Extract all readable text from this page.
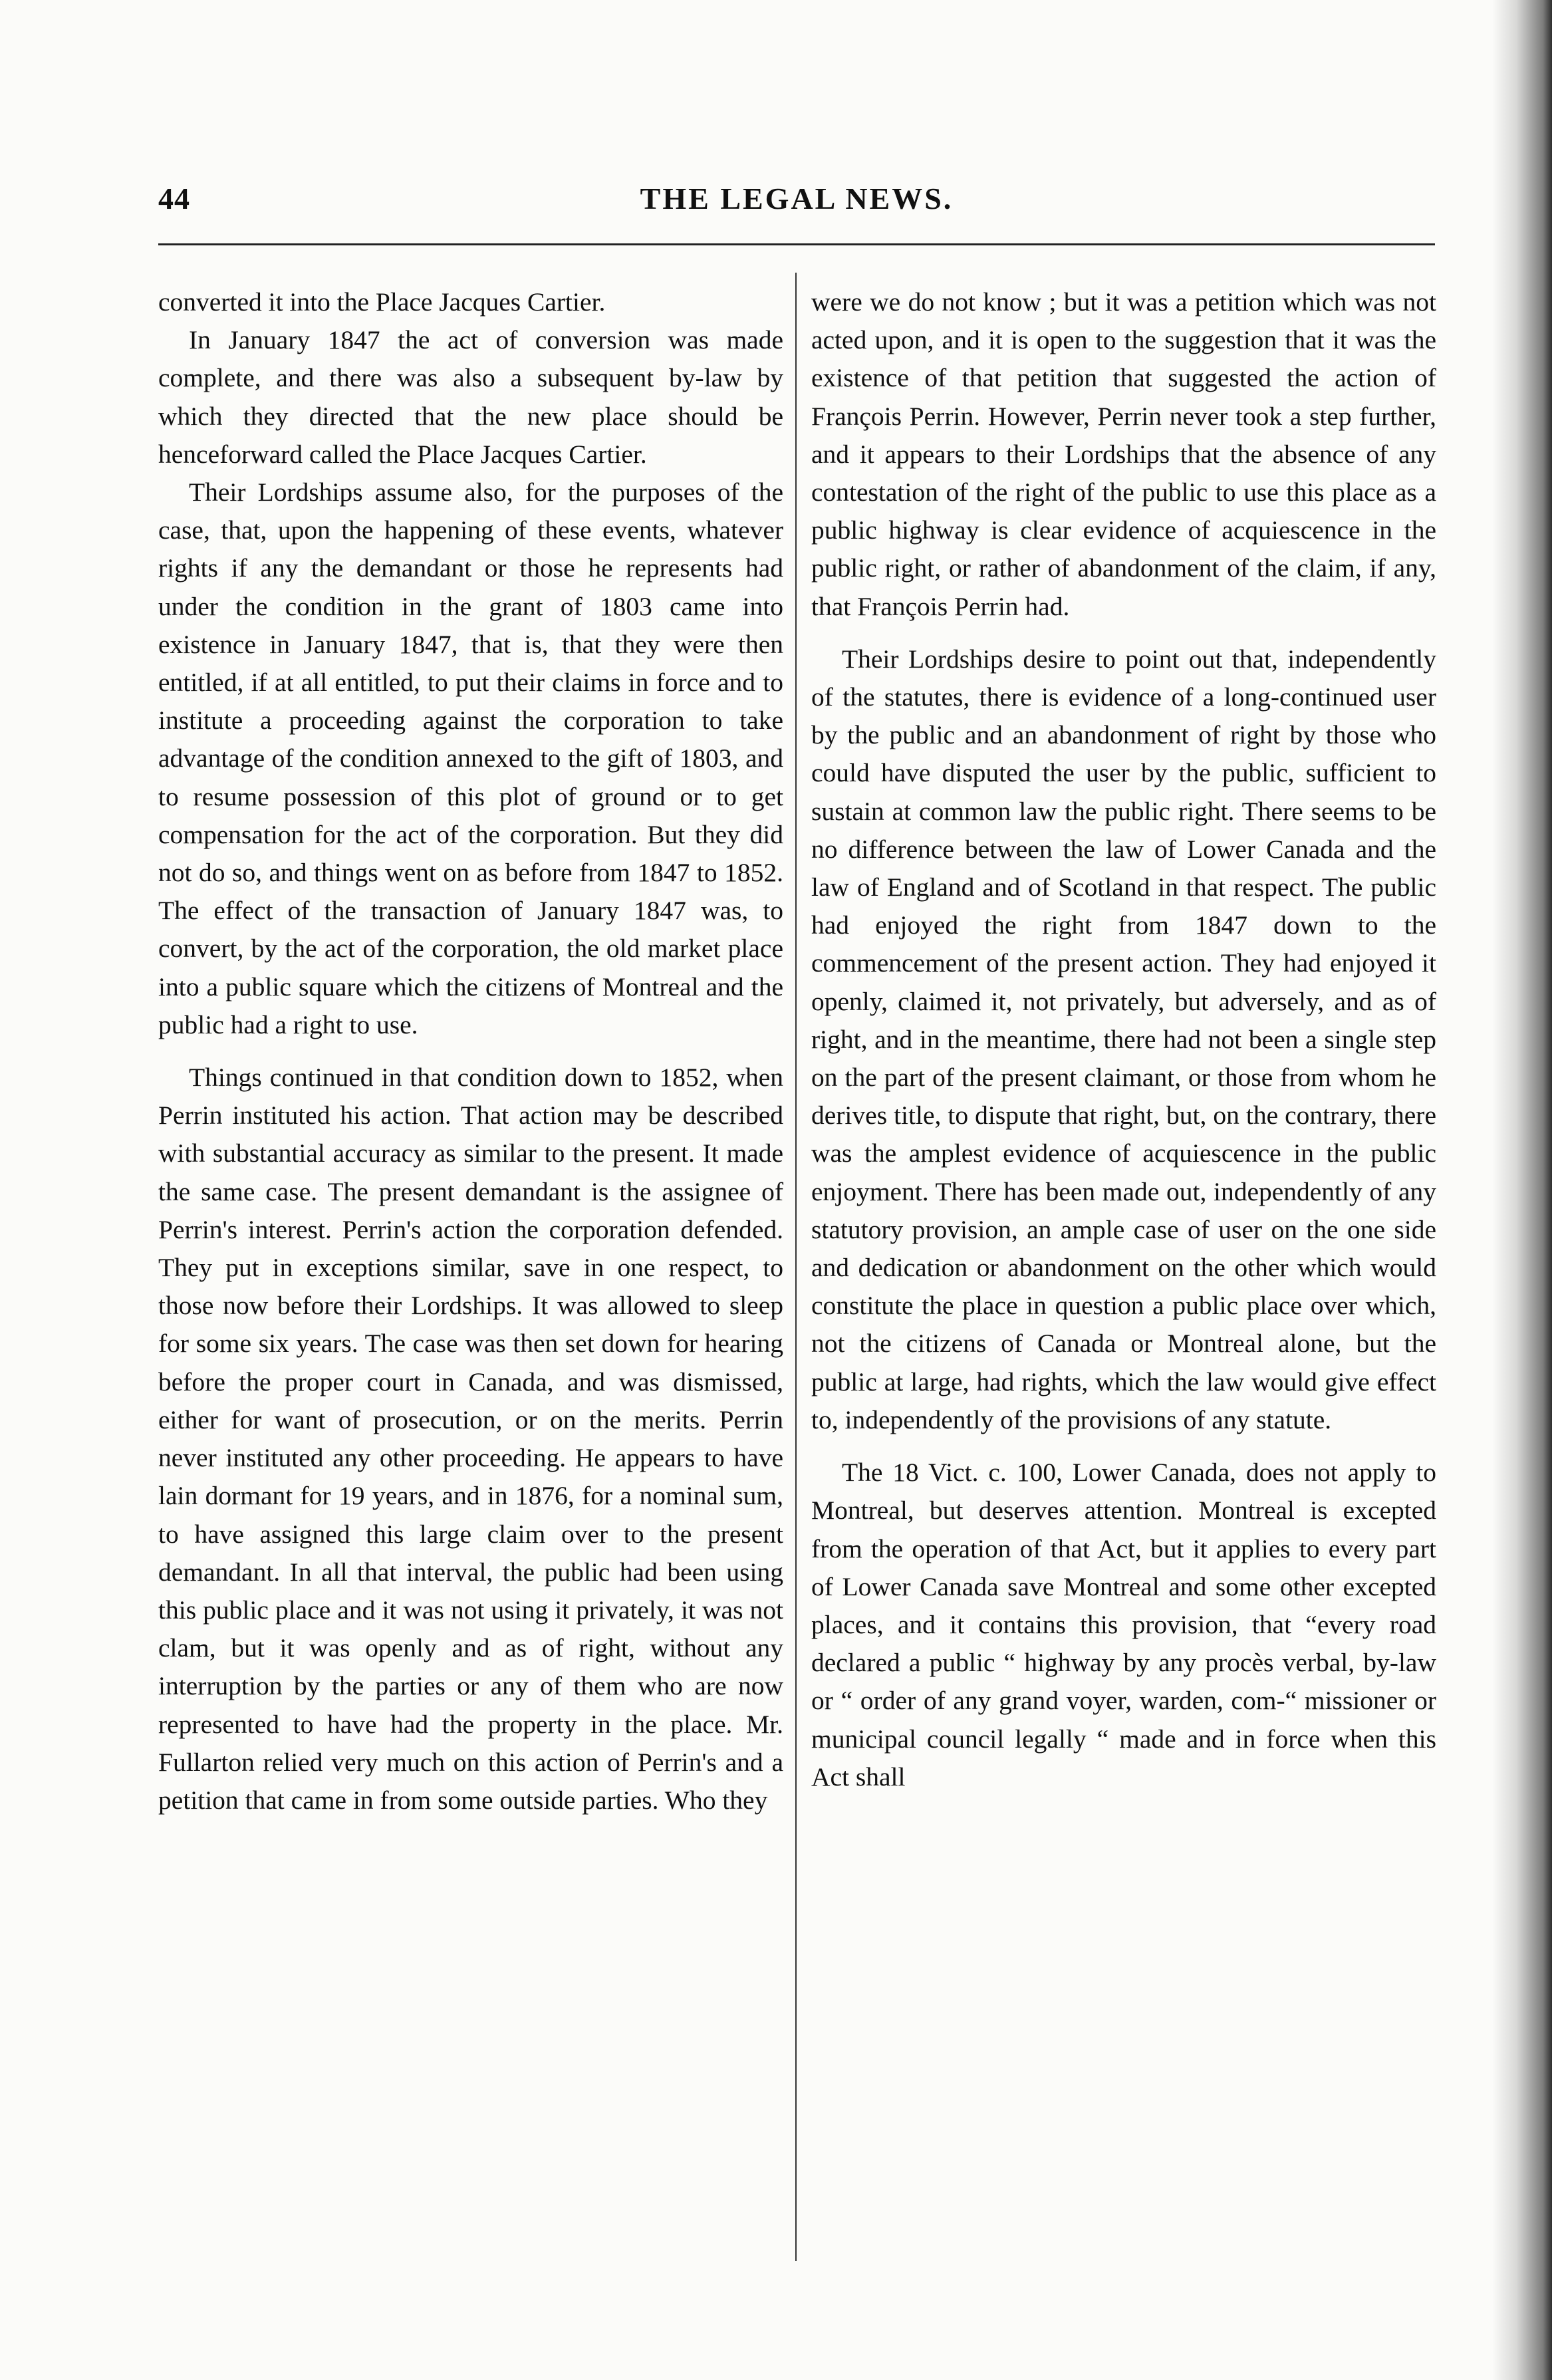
44	THE LEGAL NEWS.

converted it into the Place Jacques Cartier.

In January 1847 the act of conversion was made complete, and there was also a subsequent by-law by which they directed that the new place should be henceforward called the Place Jacques Cartier.

Their Lordships assume also, for the purposes of the case, that, upon the happening of these events, whatever rights if any the demandant or those he represents had under the condition in the grant of 1803 came into existence in January 1847, that is, that they were then entitled, if at all entitled, to put their claims in force and to institute a proceeding against the corporation to take advantage of the condition annexed to the gift of 1803, and to resume possession of this plot of ground or to get compensation for the act of the corporation. But they did not do so, and things went on as before from 1847 to 1852. The effect of the transaction of January 1847 was, to convert, by the act of the corporation, the old market place into a public square which the citizens of Montreal and the public had a right to use.

Things continued in that condition down to 1852, when Perrin instituted his action. That action may be described with substantial accuracy as similar to the present. It made the same case. The present demandant is the assignee of Perrin's interest. Perrin's action the corporation defended. They put in exceptions similar, save in one respect, to those now before their Lordships. It was allowed to sleep for some six years. The case was then set down for hearing before the proper court in Canada, and was dismissed, either for want of prosecution, or on the merits. Perrin never instituted any other proceeding. He appears to have lain dormant for 19 years, and in 1876, for a nominal sum, to have assigned this large claim over to the present demandant. In all that interval, the public had been using this public place and it was not using it privately, it was not clam, but it was openly and as of right, without any interruption by the parties or any of them who are now represented to have had the property in the place. Mr. Fullarton relied very much on this action of Perrin's and a petition that came in from some outside parties. Who they

were we do not know ; but it was a petition which was not acted upon, and it is open to the suggestion that it was the existence of that petition that suggested the action of François Perrin. However, Perrin never took a step further, and it appears to their Lordships that the absence of any contestation of the right of the public to use this place as a public highway is clear evidence of acquiescence in the public right, or rather of abandonment of the claim, if any, that François Perrin had.

Their Lordships desire to point out that, independently of the statutes, there is evidence of a long-continued user by the public and an abandonment of right by those who could have disputed the user by the public, sufficient to sustain at common law the public right. There seems to be no difference between the law of Lower Canada and the law of England and of Scotland in that respect. The public had enjoyed the right from 1847 down to the commencement of the present action. They had enjoyed it openly, claimed it, not privately, but adversely, and as of right, and in the meantime, there had not been a single step on the part of the present claimant, or those from whom he derives title, to dispute that right, but, on the contrary, there was the amplest evidence of acquiescence in the public enjoyment. There has been made out, independently of any statutory provision, an ample case of user on the one side and dedication or abandonment on the other which would constitute the place in question a public place over which, not the citizens of Canada or Montreal alone, but the public at large, had rights, which the law would give effect to, independently of the provisions of any statute.

The 18 Vict. c. 100, Lower Canada, does not apply to Montreal, but deserves attention. Montreal is excepted from the operation of that Act, but it applies to every part of Lower Canada save Montreal and some other excepted places, and it contains this provision, that “every road declared a public “ highway by any procès verbal, by-law or “ order of any grand voyer, warden, com-“ missioner or municipal council legally “ made and in force when this Act shall
